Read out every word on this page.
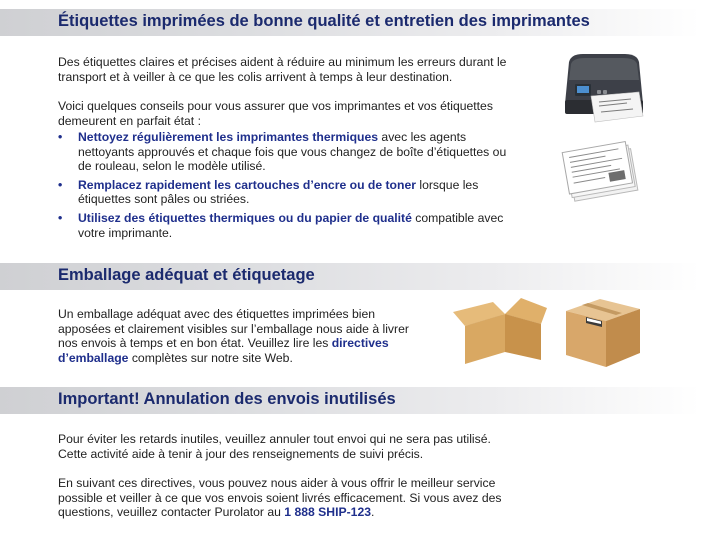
Étiquettes imprimées de bonne qualité et entretien des imprimantes

Des étiquettes claires et précises aident à réduire au minimum les erreurs durant le transport et à veiller à ce que les colis arrivent à temps à leur destination.

Voici quelques conseils pour vous assurer que vos imprimantes et vos étiquettes demeurent en parfait état :

• Nettoyez régulièrement les imprimantes thermiques avec les agents nettoyants approuvés et chaque fois que vous changez de boîte d’étiquettes ou de rouleau, selon le modèle utilisé.
• Remplacez rapidement les cartouches d’encre ou de toner lorsque les étiquettes sont pâles ou striées.
• Utilisez des étiquettes thermiques ou du papier de qualité compatible avec votre imprimante.
Emballage adéquat et étiquetage

Un emballage adéquat avec des étiquettes imprimées bien apposées et clairement visibles sur l’emballage nous aide à livrer nos envois à temps et en bon état. Veuillez lire les directives d’emballage complètes sur notre site Web.

Important! Annulation des envois inutilisés

Pour éviter les retards inutiles, veuillez annuler tout envoi qui ne sera pas utilisé. Cette activité aide à tenir à jour des renseignements de suivi précis.

En suivant ces directives, vous pouvez nous aider à vous offrir le meilleur service possible et veiller à ce que vos envois soient livrés efficacement. Si vous avez des questions, veuillez contacter Purolator au 1 888 SHIP-123.
